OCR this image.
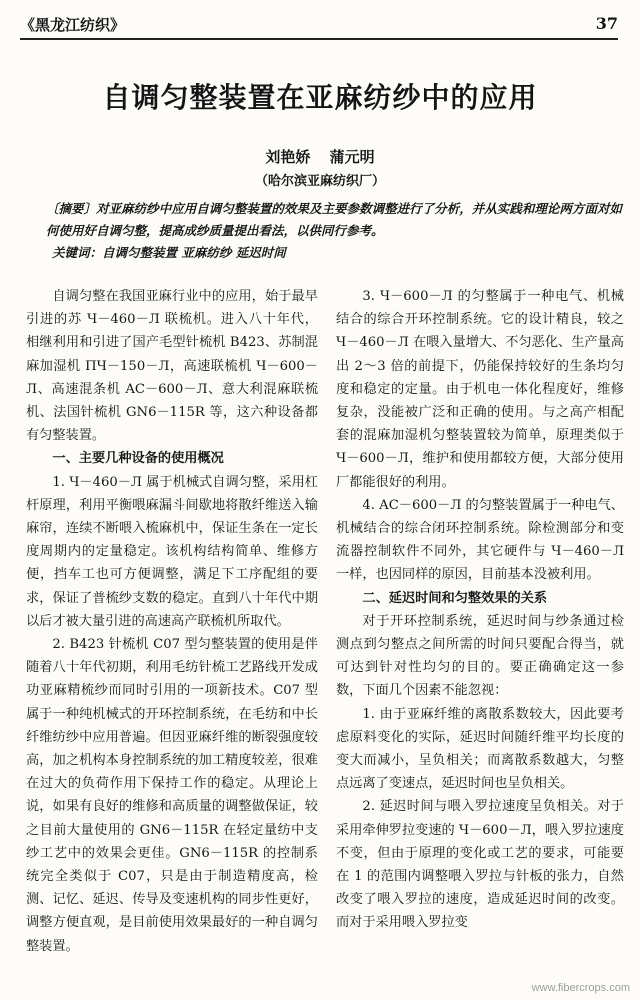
《黑龙江纺织》	37
自调匀整装置在亚麻纺纱中的应用
刘艳娇 蒲元明
（哈尔滨亚麻纺织厂）
〔摘要〕对亚麻纺纱中应用自调匀整装置的效果及主要参数调整进行了分析，并从实践和理论两方面对如何使用好自调匀整，提高成纱质量提出看法，以供同行参考。
关键词：自调匀整装置 亚麻纺纱 延迟时间

自调匀整在我国亚麻行业中的应用，始于最早引进的苏 Ч－460－Л 联梳机。进入八十年代，相继利用和引进了国产毛型针梳机 B423、苏制混麻加湿机 ПЧ－150－Л，高速联梳机 Ч－600－Л、高速混条机 AC－600－Л、意大利混麻联梳机、法国针梳机 GN6－115R 等，这六种设备都有匀整装置。

一、主要几种设备的使用概况

1. Ч－460－Л 属于机械式自调匀整，采用杠杆原理，利用平衡喂麻漏斗间歇地将散纤维送入输麻帘，连续不断喂入梳麻机中，保证生条在一定长度周期内的定量稳定。该机构结构简单、维修方便，挡车工也可方便调整，满足下工序配组的要求，保证了普梳纱支数的稳定。直到八十年代中期以后才被大量引进的高速高产联梳机所取代。

2. B423 针梳机 C07 型匀整装置的使用是伴随着八十年代初期，利用毛纺针梳工艺路线开发成功亚麻精梳纱而同时引用的一项新技术。C07 型属于一种纯机械式的开环控制系统，在毛纺和中长纤维纺纱中应用普遍。但因亚麻纤维的断裂强度较高，加之机构本身控制系统的加工精度较差，很难在过大的负荷作用下保持工作的稳定。从理论上说，如果有良好的维修和高质量的调整做保证，较之目前大量使用的 GN6－115R 在轻定量纺中支纱工艺中的效果会更佳。GN6－115R 的控制系统完全类似于 C07，只是由于制造精度高，检测、记忆、延迟、传导及变速机构的同步性更好，调整方便直观，是目前使用效果最好的一种自调匀整装置。

3. Ч－600－Л 的匀整属于一种电气、机械结合的综合开环控制系统。它的设计精良，较之 Ч－460－Л 在喂入量增大、不匀恶化、生产量高出 2～3 倍的前提下，仍能保持较好的生条均匀度和稳定的定量。由于机电一体化程度好，维修复杂，没能被广泛和正确的使用。与之高产相配套的混麻加湿机匀整装置较为简单，原理类似于 Ч－600－Л，维护和使用都较方便，大部分使用厂都能很好的利用。

4. AC－600－Л 的匀整装置属于一种电气、机械结合的综合闭环控制系统。除检测部分和变流器控制软件不同外，其它硬件与 Ч－460－Л 一样，也因同样的原因，目前基本没被利用。

二、延迟时间和匀整效果的关系

对于开环控制系统，延迟时间与纱条通过检测点到匀整点之间所需的时间只要配合得当，就可达到针对性均匀的目的。要正确确定这一参数，下面几个因素不能忽视：

1. 由于亚麻纤维的离散系数较大，因此要考虑原料变化的实际，延迟时间随纤维平均长度的变大而减小，呈负相关；而离散系数越大，匀整点远离了变速点，延迟时间也呈负相关。

2. 延迟时间与喂入罗拉速度呈负相关。对于采用牵伸罗拉变速的 Ч－600－Л，喂入罗拉速度不变，但由于原理的变化或工艺的要求，可能要在 1 的范围内调整喂入罗拉与针板的张力，自然改变了喂入罗拉的速度，造成延迟时间的改变。而对于采用喂入罗拉变

www.fibercrops.com
